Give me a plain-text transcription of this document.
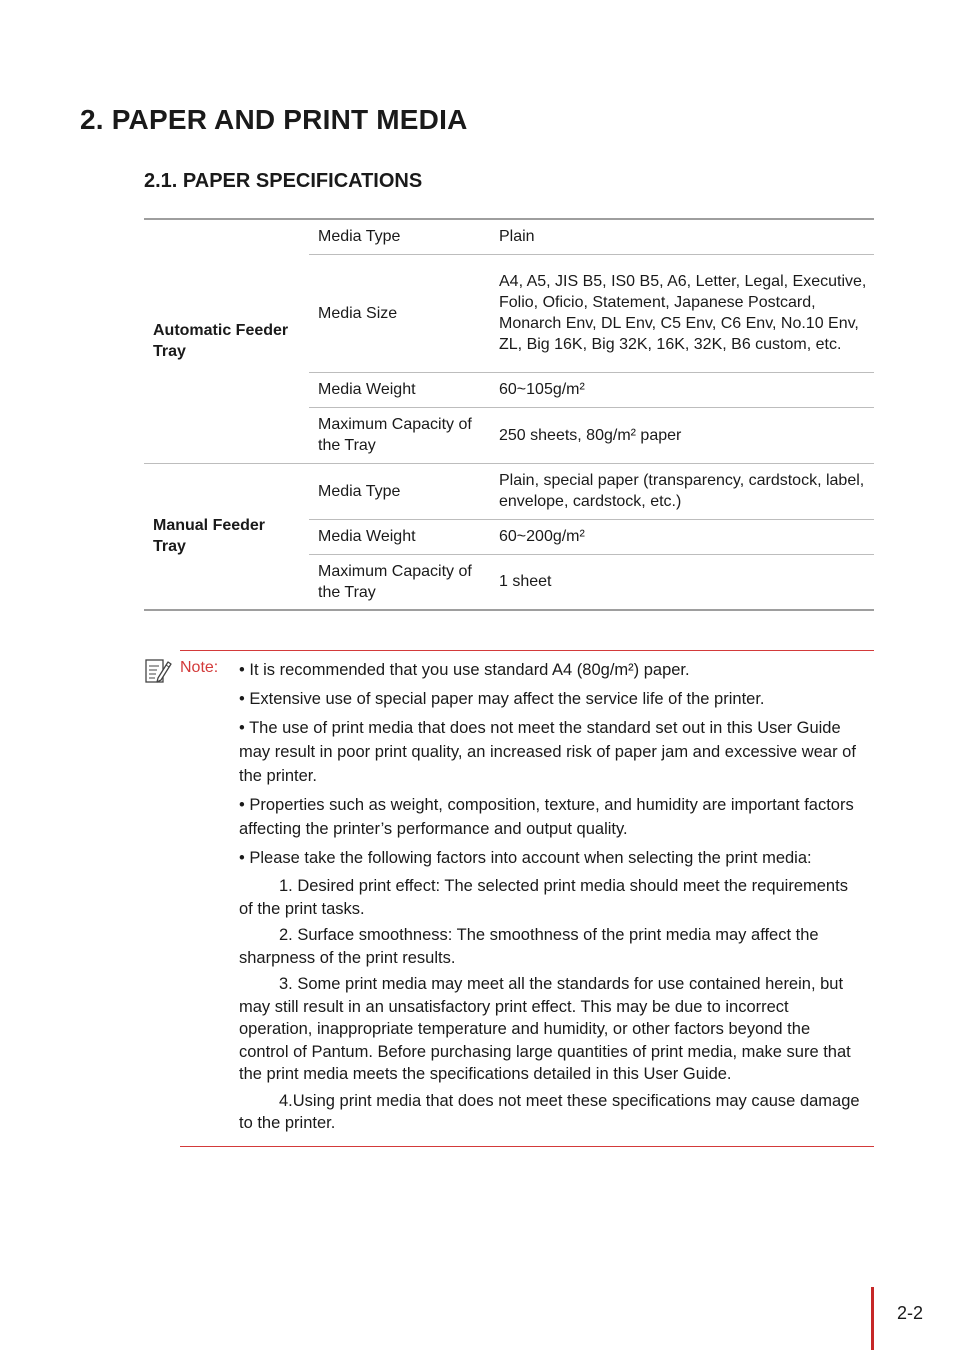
2. PAPER AND PRINT MEDIA
2.1. PAPER SPECIFICATIONS
Automatic Feeder Tray	Media Type	Plain
	Media Size	A4, A5, JIS B5, IS0 B5, A6, Letter, Legal, Executive, Folio, Oficio, Statement, Japanese Postcard, Monarch Env, DL Env, C5 Env, C6 Env, No.10 Env, ZL, Big 16K, Big 32K, 16K, 32K, B6 custom, etc.
	Media Weight	60~105g/m²
	Maximum Capacity of the Tray	250 sheets, 80g/m² paper
Manual Feeder Tray	Media Type	Plain, special paper (transparency, cardstock, label, envelope, cardstock, etc.)
	Media Weight	60~200g/m²
	Maximum Capacity of the Tray	1 sheet
Note: • It is recommended that you use standard A4 (80g/m²) paper.

• Extensive use of special paper may affect the service life of the printer.

• The use of print media that does not meet the standard set out in this User Guide may result in poor print quality, an increased risk of paper jam and excessive wear of the printer.

• Properties such as weight, composition, texture, and humidity are important factors affecting the printer’s performance and output quality.

• Please take the following factors into account when selecting the print media:

1. Desired print effect: The selected print media should meet the requirements of the print tasks.

2. Surface smoothness: The smoothness of the print media may affect the sharpness of the print results.

3. Some print media may meet all the standards for use contained herein, but may still result in an unsatisfactory print effect. This may be due to incorrect operation, inappropriate temperature and humidity, or other factors beyond the control of Pantum. Before purchasing large quantities of print media, make sure that the print media meets the specifications detailed in this User Guide.

4.Using print media that does not meet these specifications may cause damage to the printer.

2-2
